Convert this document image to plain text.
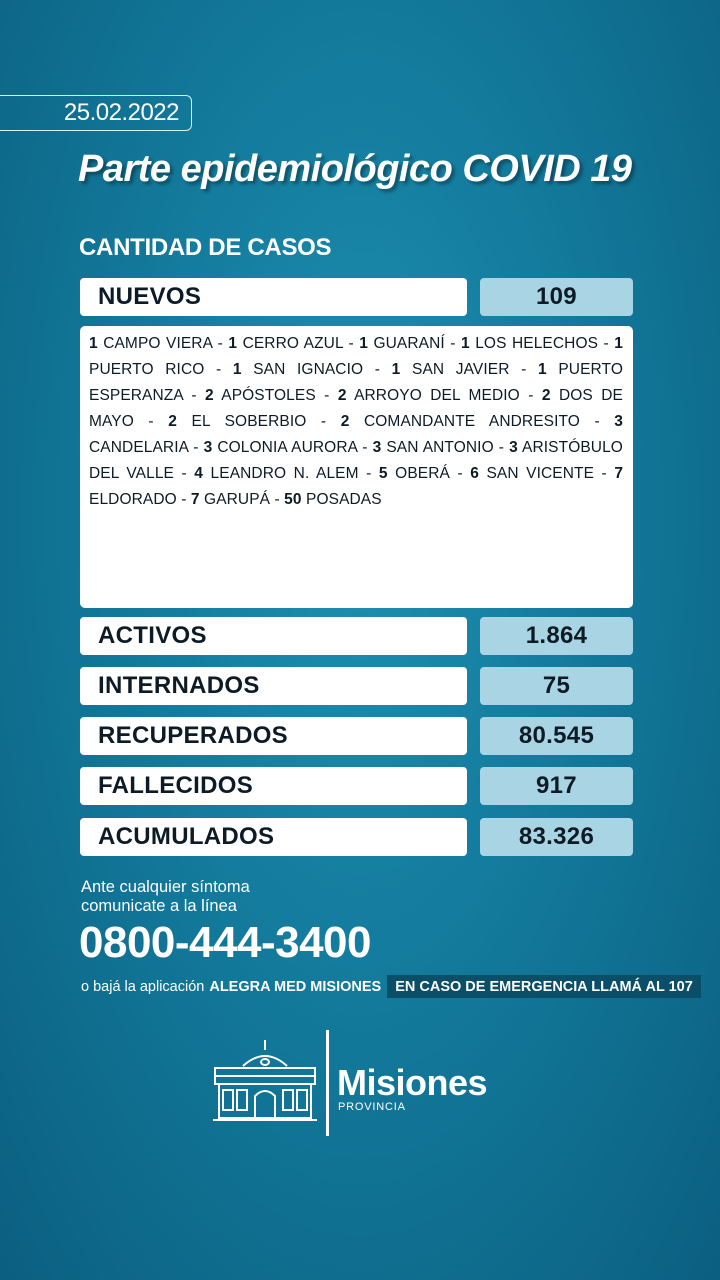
25.02.2022
Parte epidemiológico COVID 19
CANTIDAD DE CASOS
NUEVOS	109
1 CAMPO VIERA - 1 CERRO AZUL - 1 GUARANÍ - 1 LOS HELECHOS - 1 PUERTO RICO - 1 SAN IGNACIO - 1 SAN JAVIER - 1 PUERTO ESPERANZA - 2 APÓSTOLES - 2 ARROYO DEL MEDIO - 2 DOS DE MAYO - 2 EL SOBERBIO - 2 COMANDANTE ANDRESITO - 3 CANDELARIA - 3 COLONIA AURORA - 3 SAN ANTONIO - 3 ARISTÓBULO DEL VALLE - 4 LEANDRO N. ALEM - 5 OBERÁ - 6 SAN VICENTE - 7 ELDORADO - 7 GARUPÁ - 50 POSADAS
ACTIVOS	1.864
INTERNADOS	75
RECUPERADOS	80.545
FALLECIDOS	917
ACUMULADOS	83.326
Ante cualquier síntoma
comunicate a la línea
0800-444-3400
o bajá la aplicación ALEGRA MED MISIONES EN CASO DE EMERGENCIA LLAMÁ AL 107
Misiones
PROVINCIA
